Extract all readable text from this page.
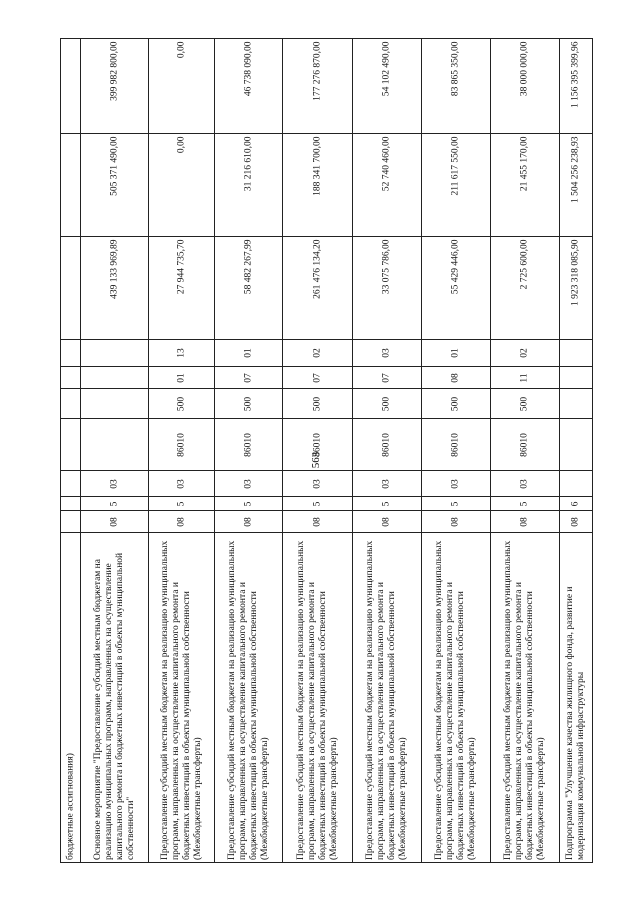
563
бюджетные ассигнования)
399 982 800,00
505 371 490,00
439 133 969,89
03
5
08
Основное мероприятие "Предоставление субсидий местным бюджетам на реализацию муниципальных программ, направленных на осуществление капитального ремонта и бюджетных инвестиций в объекты муниципальной собственности"
0,00
0,00
27 944 735,70
13
01
500
86010
03
5
08
Предоставление субсидий местным бюджетам на реализацию муниципальных программ, направленных на осуществление капитального ремонта и бюджетных инвестиций в объекты муниципальной собственности (Межбюджетные трансферты)
46 738 090,00
31 216 610,00
58 482 267,99
01
07
500
86010
03
5
08
Предоставление субсидий местным бюджетам на реализацию муниципальных программ, направленных на осуществление капитального ремонта и бюджетных инвестиций в объекты муниципальной собственности (Межбюджетные трансферты)
177 276 870,00
188 341 700,00
261 476 134,20
02
07
500
86010
03
5
08
Предоставление субсидий местным бюджетам на реализацию муниципальных программ, направленных на осуществление капитального ремонта и бюджетных инвестиций в объекты муниципальной собственности (Межбюджетные трансферты)
54 102 490,00
52 740 460,00
33 075 786,00
03
07
500
86010
03
5
08
Предоставление субсидий местным бюджетам на реализацию муниципальных программ, направленных на осуществление капитального ремонта и бюджетных инвестиций в объекты муниципальной собственности (Межбюджетные трансферты)
83 865 350,00
211 617 550,00
55 429 446,00
01
08
500
86010
03
5
08
Предоставление субсидий местным бюджетам на реализацию муниципальных программ, направленных на осуществление капитального ремонта и бюджетных инвестиций в объекты муниципальной собственности (Межбюджетные трансферты)
38 000 000,00
21 455 170,00
2 725 600,00
02
11
500
86010
03
5
08
Предоставление субсидий местным бюджетам на реализацию муниципальных программ, направленных на осуществление капитального ремонта и бюджетных инвестиций в объекты муниципальной собственности (Межбюджетные трансферты)
1 156 395 399,96
1 504 256 238,93
1 923 318 085,90
6
08
Подпрограмма "Улучшение качества жилищного фонда, развитие и модернизация коммунальной инфраструктуры
